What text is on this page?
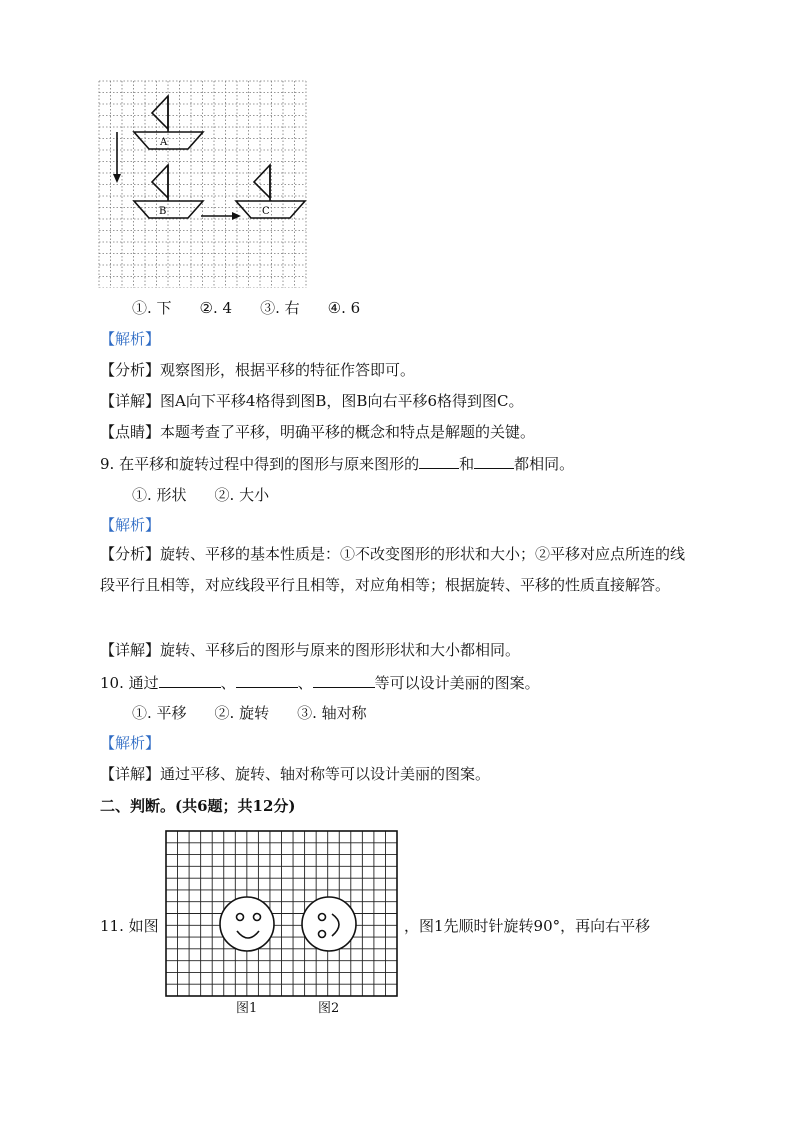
A
B	C
①. 下 ②. 4 ③. 右 ④. 6
【解析】
【分析】观察图形，根据平移的特征作答即可。
【详解】图A向下平移4格得到图B，图B向右平移6格得到图C。
【点睛】本题考查了平移，明确平移的概念和特点是解题的关键。
9. 在平移和旋转过程中得到的图形与原来图形的	和	都相同。
①. 形状 ②. 大小
【解析】
【分析】旋转、平移的基本性质是：①不改变图形的形状和大小；②平移对应点所连的线段平行且相等，对应线段平行且相等，对应角相等；根据旋转、平移的性质直接解答。
【详解】旋转、平移后的图形与原来的图形形状和大小都相同。
10. 通过	、	、	等可以设计美丽的图案。
①. 平移 ②. 旋转 ③. 轴对称
【解析】
【详解】通过平移、旋转、轴对称等可以设计美丽的图案。
二、判断。(共6题；共12分)
11. 如图	，图1先顺时针旋转90°，再向右平移
图1	图2
